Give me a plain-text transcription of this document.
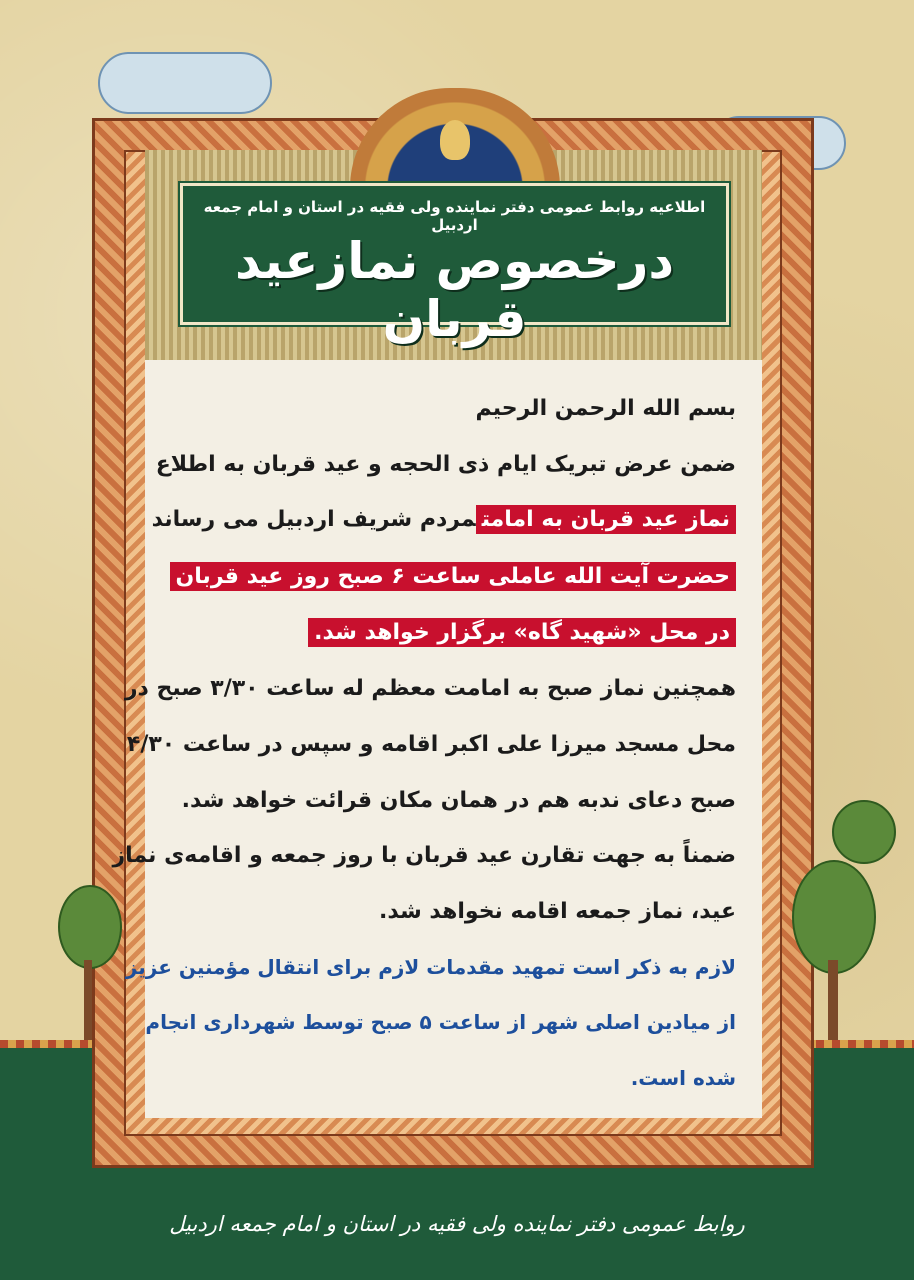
اطلاعیه روابط عمومی دفتر نماینده ولی فقیه در استان و امام جمعه اردبیل
درخصوص نمازعید قربان
بسم الله الرحمن الرحیم
ضمن عرض تبریک ایام ذی الحجه و عید قربان به اطلاع
نماز عید قربان به امامتمردم شریف اردبیل می رساند
حضرت آیت الله عاملی ساعت ۶ صبح روز عید قربان
در محل «شهید گاه» برگزار خواهد شد.
همچنین نماز صبح به امامت معظم له ساعت ۳/۳۰ صبح در
محل مسجد میرزا علی اکبر اقامه و سپس در ساعت ۴/۳۰
صبح دعای ندبه هم در همان مکان قرائت خواهد شد.
ضمناً به جهت تقارن عید قربان با روز جمعه و اقامه‌ی نماز
عید، نماز جمعه اقامه نخواهد شد.
لازم به ذکر است تمهید مقدمات لازم برای انتقال مؤمنین عزیز
از میادین اصلی شهر از ساعت ۵ صبح توسط شهرداری انجام
شده است.
روابط عمومی دفتر نماینده ولی فقیه در استان و امام جمعه اردبیل
